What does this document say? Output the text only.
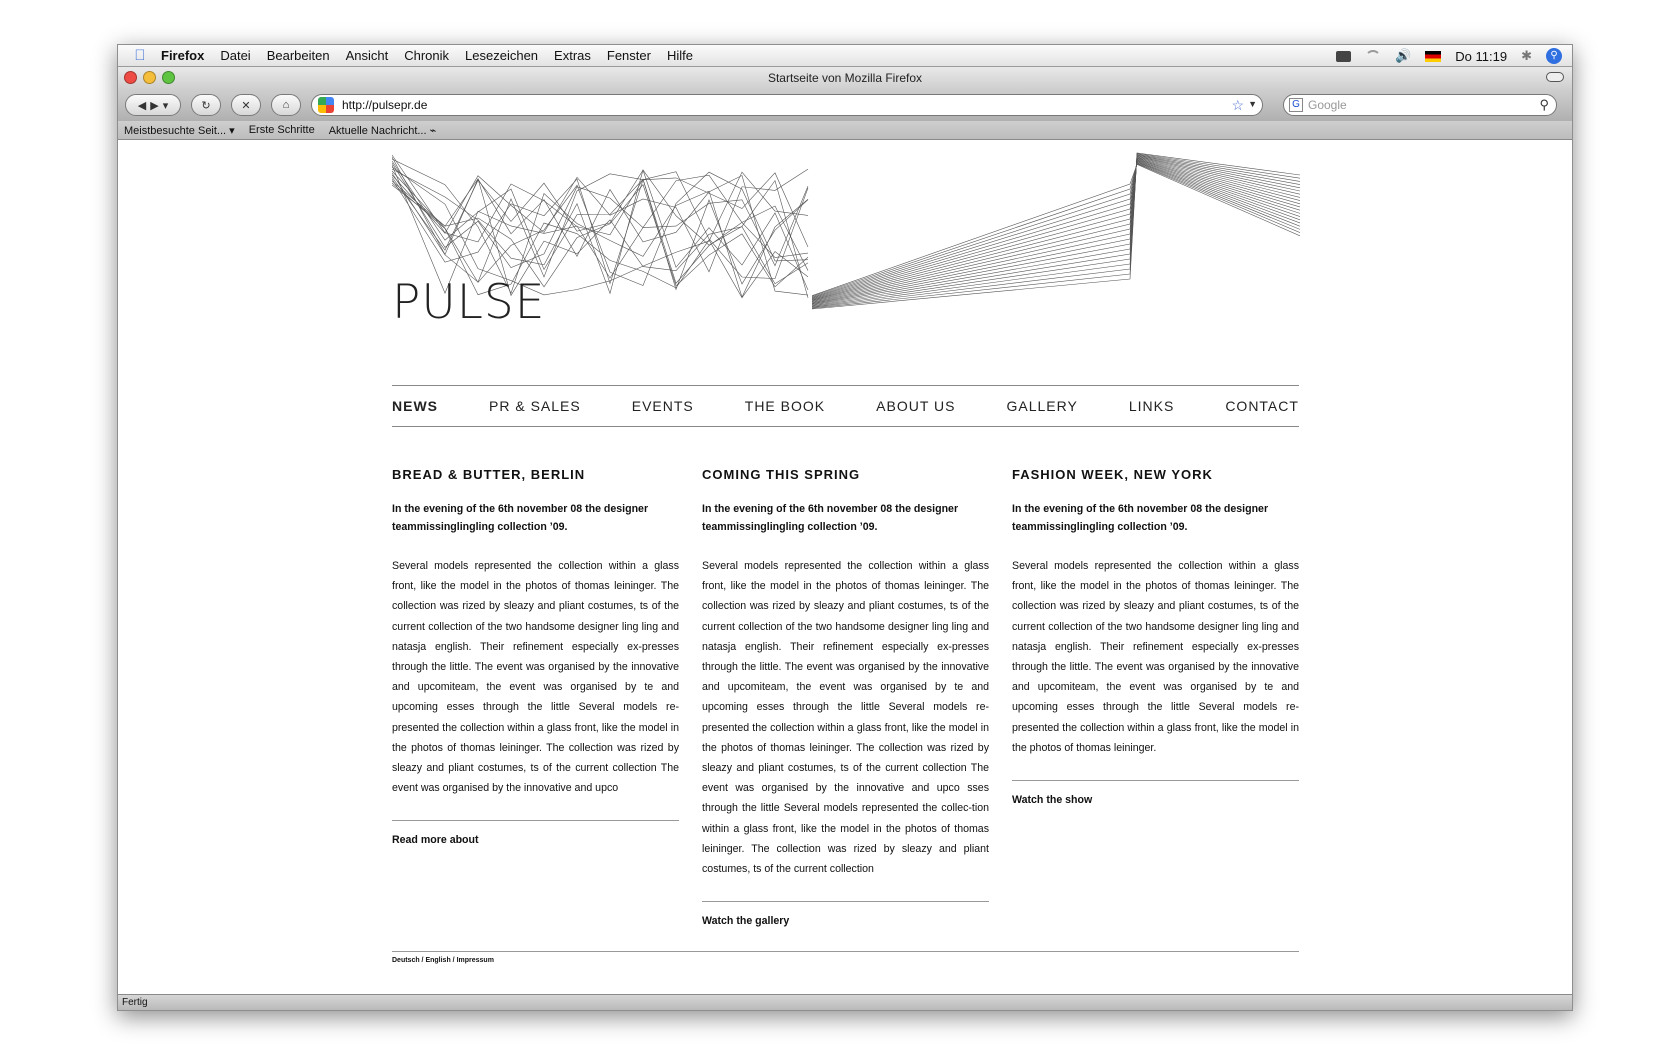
Firefox Datei Bearbeiten Ansicht Chronik Lesezeichen Extras Fenster Hilfe	🔊	Do 11:19 ✱	⚲
Startseite von Mozilla Firefox
◀ ▶ ▾	↻	✕	⌂	http://pulsepr.de	☆ ▼	G Google	⚲
Meistbesuchte Seit... ▾ Erste Schritte Aktuelle Nachricht... ⌁
PULSE
NEWS	PR & SALES	EVENTS	THE BOOK	ABOUT US	GALLERY	LINKS	CONTACT
BREAD & BUTTER, BERLIN

In the evening of the 6th november 08 the designer teammissinglingling collection ’09.

Several models represented the collection within a glass front, like the model in the photos of thomas leininger. The collection was rized by sleazy and pliant costumes, ts of the current collection of the two handsome designer ling ling and natasja english. Their refinement especially ex-presses through the little. The event was organised by the innovative and upcomiteam, the event was organised by te and upcoming esses through the little Several models re-presented the collection within a glass front, like the model in the photos of thomas leininger. The collection was rized by sleazy and pliant costumes, ts of the current collection The event was organised by the innovative and upco

Read more about

COMING THIS SPRING

In the evening of the 6th november 08 the designer teammissinglingling collection ’09.

Several models represented the collection within a glass front, like the model in the photos of thomas leininger. The collection was rized by sleazy and pliant costumes, ts of the current collection of the two handsome designer ling ling and natasja english. Their refinement especially ex-presses through the little. The event was organised by the innovative and upcomiteam, the event was organised by te and upcoming esses through the little Several models re-presented the collection within a glass front, like the model in the photos of thomas leininger. The collection was rized by sleazy and pliant costumes, ts of the current collection The event was organised by the innovative and upco sses through the little Several models represented the collec-tion within a glass front, like the model in the photos of thomas leininger. The collection was rized by sleazy and pliant costumes, ts of the current collection

Watch the gallery

FASHION WEEK, NEW YORK

In the evening of the 6th november 08 the designer teammissinglingling collection ’09.

Several models represented the collection within a glass front, like the model in the photos of thomas leininger. The collection was rized by sleazy and pliant costumes, ts of the current collection of the two handsome designer ling ling and natasja english. Their refinement especially ex-presses through the little. The event was organised by the innovative and upcomiteam, the event was organised by te and upcoming esses through the little Several models re-presented the collection within a glass front, like the model in the photos of thomas leininger.

Watch the show

Deutsch / English / Impressum
Fertig
